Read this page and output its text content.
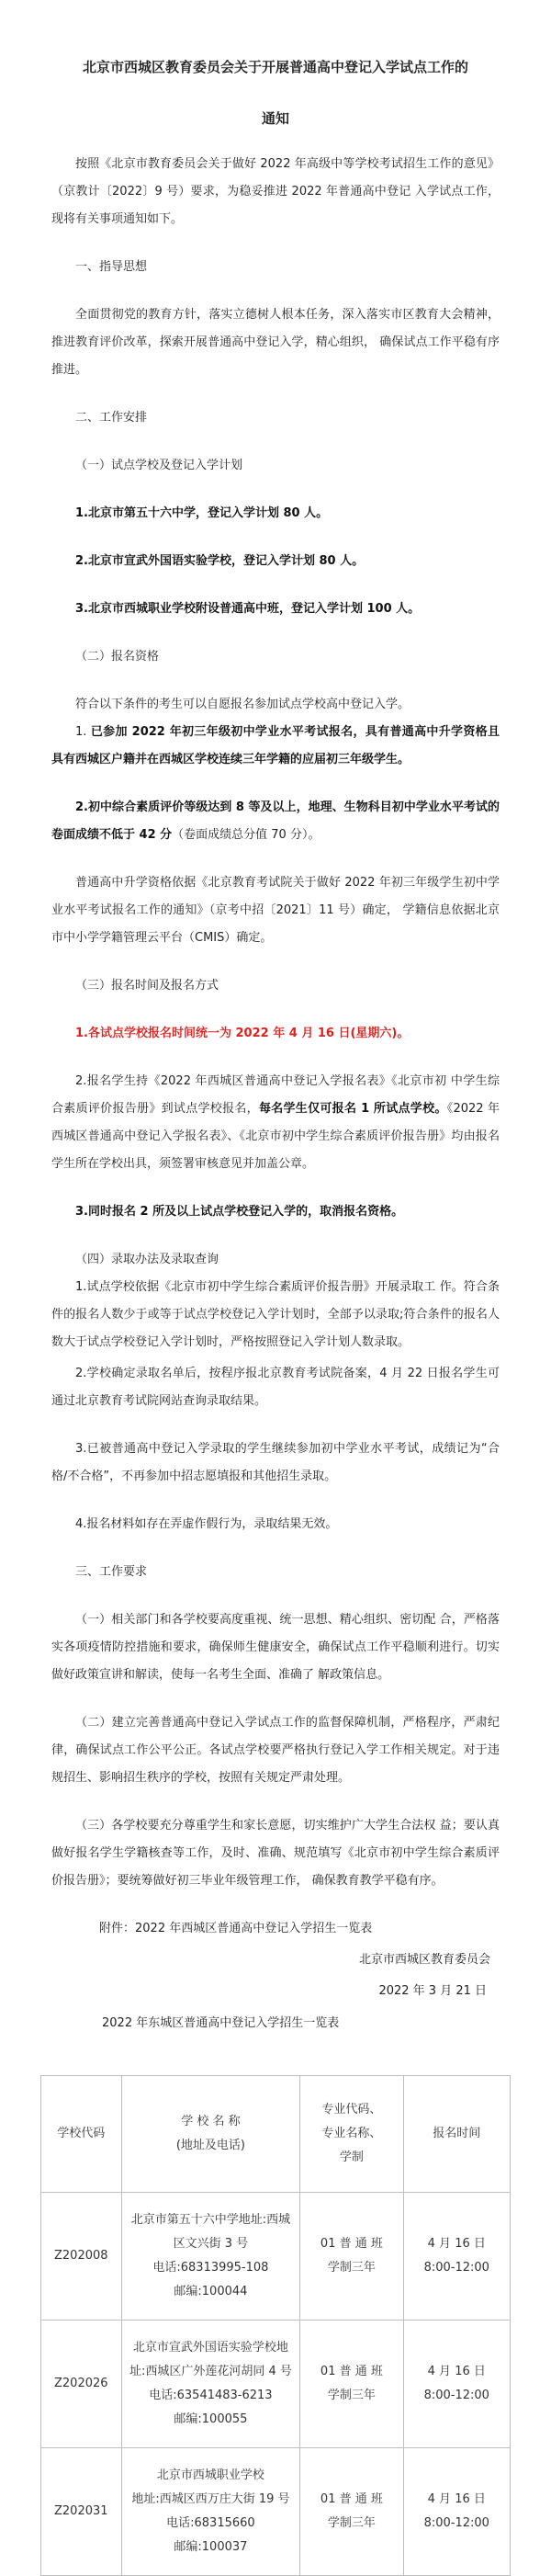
北京市西城区教育委员会关于开展普通高中登记入学试点工作的

通知

按照《北京市教育委员会关于做好 2022 年高级中等学校考试招生工作的意见》（京教计〔2022〕9 号）要求，为稳妥推进 2022 年普通高中登记 入学试点工作，现将有关事项通知如下。

一、指导思想

全面贯彻党的教育方针，落实立德树人根本任务，深入落实市区教育大会精神，推进教育评价改革，探索开展普通高中登记入学，精心组织， 确保试点工作平稳有序推进。

二、工作安排

（一）试点学校及登记入学计划

1.北京市第五十六中学，登记入学计划 80 人。

2.北京市宣武外国语实验学校，登记入学计划 80 人。

3.北京市西城职业学校附设普通高中班，登记入学计划 100 人。

（二）报名资格

符合以下条件的考生可以自愿报名参加试点学校高中登记入学。

1. 已参加 2022 年初三年级初中学业水平考试报名，具有普通高中升学资格且具有西城区户籍并在西城区学校连续三年学籍的应届初三年级学生。

2.初中综合素质评价等级达到 8 等及以上，地理、生物科目初中学业水平考试的卷面成绩不低于 42 分（卷面成绩总分值 70 分）。

普通高中升学资格依据《北京教育考试院关于做好 2022 年初三年级学生初中学业水平考试报名工作的通知》（京考中招〔2021〕11 号）确定， 学籍信息依据北京市中小学学籍管理云平台（CMIS）确定。

（三）报名时间及报名方式

1.各试点学校报名时间统一为 2022 年 4 月 16 日(星期六)。

2.报名学生持《2022 年西城区普通高中登记入学报名表》《北京市初 中学生综合素质评价报告册》到试点学校报名，每名学生仅可报名 1 所试点学校。《2022 年西城区普通高中登记入学报名表》、《北京市初中学生综合素质评价报告册》均由报名学生所在学校出具，须签署审核意见并加盖公章。

3.同时报名 2 所及以上试点学校登记入学的，取消报名资格。

（四）录取办法及录取查询

1.试点学校依据《北京市初中学生综合素质评价报告册》开展录取工 作。符合条件的报名人数少于或等于试点学校登记入学计划时，全部予以录取;符合条件的报名人数大于试点学校登记入学计划时，严格按照登记入学计划人数录取。

2.学校确定录取名单后，按程序报北京教育考试院备案，4 月 22 日报名学生可通过北京教育考试院网站查询录取结果。

3.已被普通高中登记入学录取的学生继续参加初中学业水平考试，成绩记为“合格/不合格”，不再参加中招志愿填报和其他招生录取。

4.报名材料如存在弄虚作假行为，录取结果无效。

三、工作要求

（一）相关部门和各学校要高度重视、统一思想、精心组织、密切配 合，严格落实各项疫情防控措施和要求，确保师生健康安全，确保试点工作平稳顺利进行。切实做好政策宣讲和解读，使每一名考生全面、准确了 解政策信息。

（二）建立完善普通高中登记入学试点工作的监督保障机制，严格程序，严肃纪律，确保试点工作公平公正。各试点学校要严格执行登记入学工作相关规定。对于违规招生、影响招生秩序的学校，按照有关规定严肃处理。

（三）各学校要充分尊重学生和家长意愿，切实维护广大学生合法权 益；要认真做好报名学生学籍核查等工作，及时、准确、规范填写《北京市初中学生综合素质评价报告册》；要统筹做好初三毕业年级管理工作， 确保教育教学平稳有序。

附件：2022 年西城区普通高中登记入学招生一览表

北京市西城区教育委员会

2022 年 3 月 21 日

2022 年东城区普通高中登记入学招生一览表

学校代码	学 校 名 称
(地址及电话)	专业代码、
专业名称、
学制	报名时间
Z202008	北京市第五十六中学地址:西城
区文兴街 3 号
电话:68313995-108
邮编:100044	01 普 通 班
学制三年	4 月 16 日
8:00-12:00

Z202026	北京市宣武外国语实验学校地
址:西城区广外莲花河胡同 4 号
电话:63541483-6213
邮编:100055	01 普 通 班
学制三年	4 月 16 日
8:00-12:00

Z202031	北京市西城职业学校
地址:西城区西万庄大街 19 号
电话:68315660
邮编:100037	01 普 通 班
学制三年	4 月 16 日
8:00-12:00
